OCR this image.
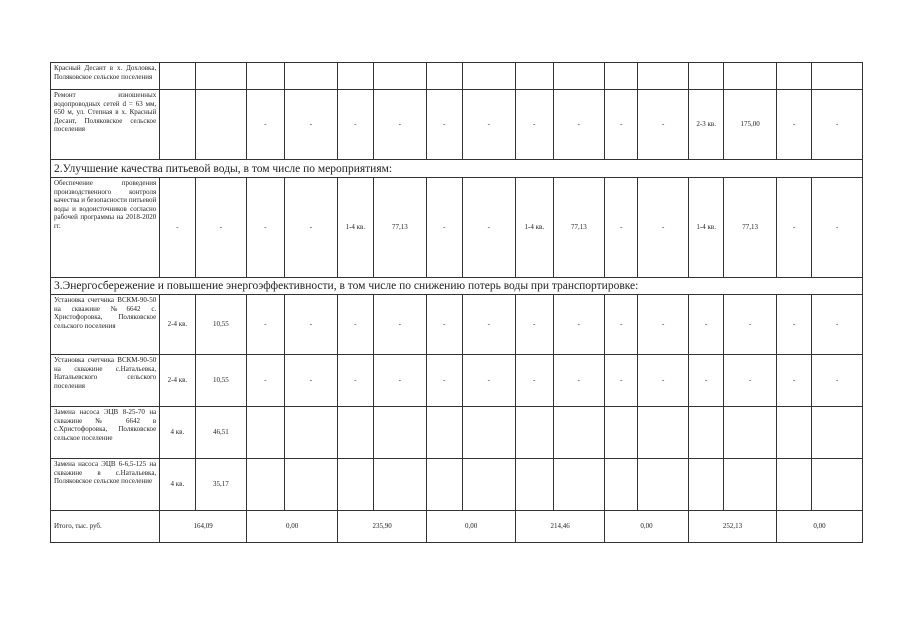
Красный Десант в х. Дохловка, Поляковское сельское поселения																
Ремонт изношенных водопроводных сетей d = 63 мм, 650 м, ул. Степная в х. Красный Десант, Поляковское сельское поселения			-	-	-	-	-	-	-	-	-	-	2-3 кв.	175,00	-	-
2.Улучшение качества питьевой воды, в том числе по мероприятиям:																
Обеспечение проведения производственного контроля качества и безопасности питьевой воды и водоисточников согласно рабочей программы на 2018-2020 гг.	-	-	-	-	1-4 кв.	77,13	-	-	1-4 кв.	77,13	-	-	1-4 кв.	77,13	-	-
3.Энергосбережение и повышение энергоэффективности, в том числе по снижению потерь воды при транспортировке:																
Установка счетчика ВСКМ-90-50 на скважине №6642 с. Христофоровка, Поляковское сельского поселения	2-4 кв.	10,55	-	-	-	-	-	-	-	-	-	-	-	-	-	-
Установка счетчика ВСКМ-90-50 на скважине с.Натальевка, Натальевского сельского поселения	2-4 кв.	10,55	-	-	-	-	-	-	-	-	-	-	-	-	-	-
Замена насоса ЭЦВ 8-25-70 на скважине № 6642 в с.Христофоровка, Поляковское сельское поселение	4 кв.	46,51														
Замена насоса ЭЦВ 6-6,5-125 на скважине в с.Натальевка, Поляковское сельское поселение	4 кв.	35,17														
Итого, тыс. руб.	164,09		0,00		235,90		0,00		214,46		0,00		252,13		0,00	
